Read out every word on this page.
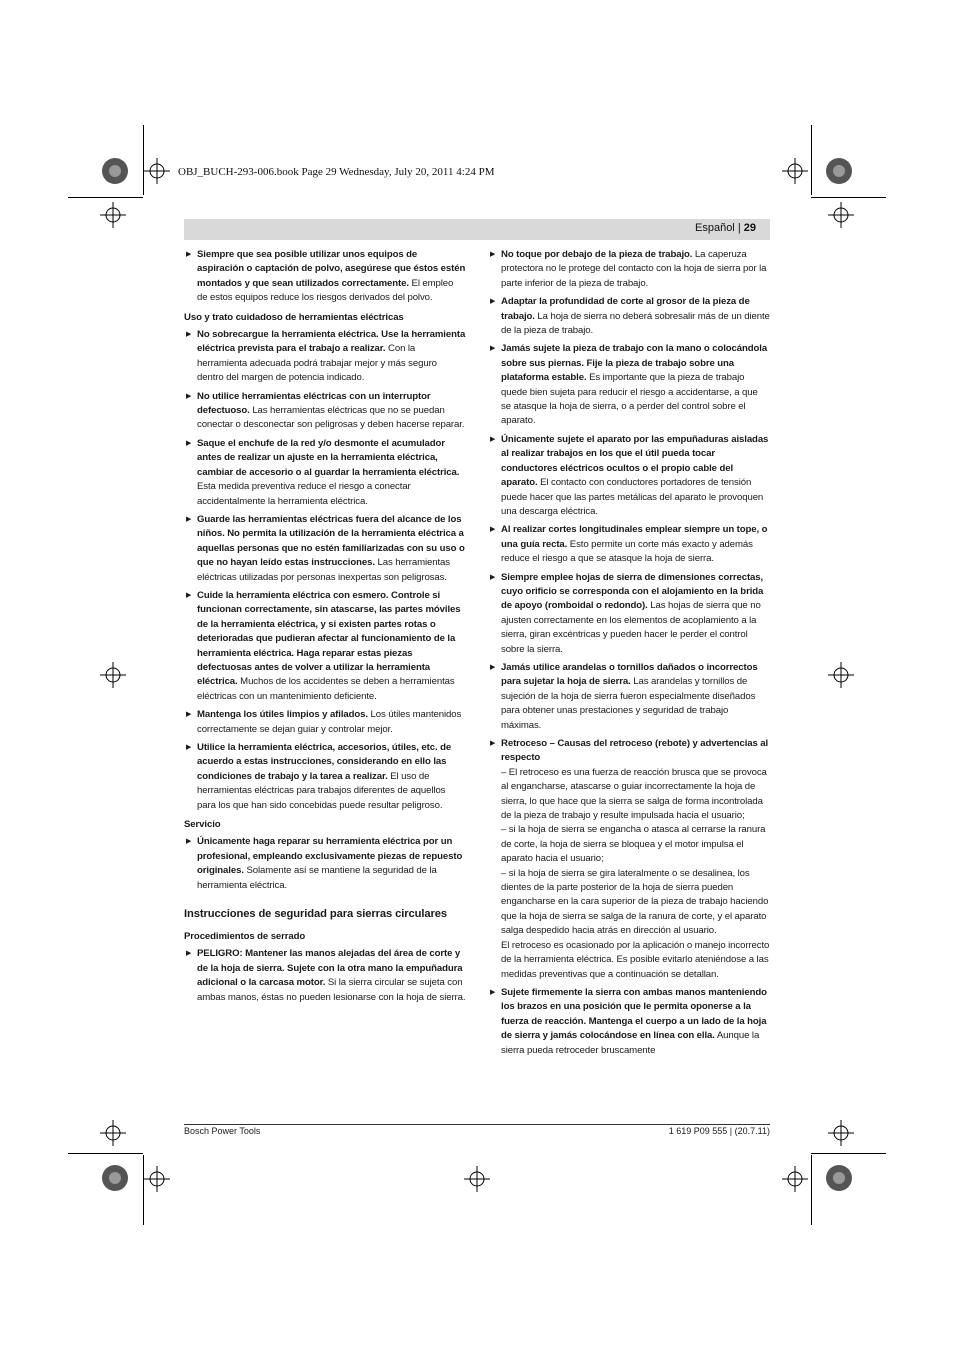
OBJ_BUCH-293-006.book Page 29 Wednesday, July 20, 2011 4:24 PM
Español | 29
▶ Siempre que sea posible utilizar unos equipos de aspiración o captación de polvo, asegúrese que éstos estén montados y que sean utilizados correctamente. El empleo de estos equipos reduce los riesgos derivados del polvo.

Uso y trato cuidadoso de herramientas eléctricas
▶ No sobrecargue la herramienta eléctrica. Use la herramienta eléctrica prevista para el trabajo a realizar. Con la herramienta adecuada podrá trabajar mejor y más seguro dentro del margen de potencia indicado.

▶ No utilice herramientas eléctricas con un interruptor defectuoso. Las herramientas eléctricas que no se puedan conectar o desconectar son peligrosas y deben hacerse reparar.

▶ Saque el enchufe de la red y/o desmonte el acumulador antes de realizar un ajuste en la herramienta eléctrica, cambiar de accesorio o al guardar la herramienta eléctrica. Esta medida preventiva reduce el riesgo a conectar accidentalmente la herramienta eléctrica.

▶ Guarde las herramientas eléctricas fuera del alcance de los niños. No permita la utilización de la herramienta eléctrica a aquellas personas que no estén familiarizadas con su uso o que no hayan leído estas instrucciones. Las herramientas eléctricas utilizadas por personas inexpertas son peligrosas.

▶ Cuide la herramienta eléctrica con esmero. Controle si funcionan correctamente, sin atascarse, las partes móviles de la herramienta eléctrica, y si existen partes rotas o deterioradas que pudieran afectar al funcionamiento de la herramienta eléctrica. Haga reparar estas piezas defectuosas antes de volver a utilizar la herramienta eléctrica. Muchos de los accidentes se deben a herramientas eléctricas con un mantenimiento deficiente.

▶ Mantenga los útiles limpios y afilados. Los útiles mantenidos correctamente se dejan guiar y controlar mejor.

▶ Utilice la herramienta eléctrica, accesorios, útiles, etc. de acuerdo a estas instrucciones, considerando en ello las condiciones de trabajo y la tarea a realizar. El uso de herramientas eléctricas para trabajos diferentes de aquellos para los que han sido concebidas puede resultar peligroso.

Servicio
▶ Únicamente haga reparar su herramienta eléctrica por un profesional, empleando exclusivamente piezas de repuesto originales. Solamente así se mantiene la seguridad de la herramienta eléctrica.

Instrucciones de seguridad para sierras circulares
Procedimientos de serrado
▶ PELIGRO: Mantener las manos alejadas del área de corte y de la hoja de sierra. Sujete con la otra mano la empuñadura adicional o la carcasa motor. Si la sierra circular se sujeta con ambas manos, éstas no pueden lesionarse con la hoja de sierra.

▶ No toque por debajo de la pieza de trabajo. La caperuza protectora no le protege del contacto con la hoja de sierra por la parte inferior de la pieza de trabajo.

▶ Adaptar la profundidad de corte al grosor de la pieza de trabajo. La hoja de sierra no deberá sobresalir más de un diente de la pieza de trabajo.

▶ Jamás sujete la pieza de trabajo con la mano o colocándola sobre sus piernas. Fije la pieza de trabajo sobre una plataforma estable. Es importante que la pieza de trabajo quede bien sujeta para reducir el riesgo a accidentarse, a que se atasque la hoja de sierra, o a perder del control sobre el aparato.

▶ Únicamente sujete el aparato por las empuñaduras aisladas al realizar trabajos en los que el útil pueda tocar conductores eléctricos ocultos o el propio cable del aparato. El contacto con conductores portadores de tensión puede hacer que las partes metálicas del aparato le provoquen una descarga eléctrica.

▶ Al realizar cortes longitudinales emplear siempre un tope, o una guía recta. Esto permite un corte más exacto y además reduce el riesgo a que se atasque la hoja de sierra.

▶ Siempre emplee hojas de sierra de dimensiones correctas, cuyo orificio se corresponda con el alojamiento en la brida de apoyo (romboidal o redondo). Las hojas de sierra que no ajusten correctamente en los elementos de acoplamiento a la sierra, giran excéntricas y pueden hacer le perder el control sobre la sierra.

▶ Jamás utilice arandelas o tornillos dañados o incorrectos para sujetar la hoja de sierra. Las arandelas y tornillos de sujeción de la hoja de sierra fueron especialmente diseñados para obtener unas prestaciones y seguridad de trabajo máximas.

▶ Retroceso – Causas del retroceso (rebote) y advertencias al respecto

– El retroceso es una fuerza de reacción brusca que se provoca al engancharse, atascarse o guiar incorrectamente la hoja de sierra, lo que hace que la sierra se salga de forma incontrolada de la pieza de trabajo y resulte impulsada hacia el usuario;

– si la hoja de sierra se engancha o atasca al cerrarse la ranura de corte, la hoja de sierra se bloquea y el motor impulsa el aparato hacia el usuario;

– si la hoja de sierra se gira lateralmente o se desalinea, los dientes de la parte posterior de la hoja de sierra pueden engancharse en la cara superior de la pieza de trabajo haciendo que la hoja de sierra se salga de la ranura de corte, y el aparato salga despedido hacia atrás en dirección al usuario.

El retroceso es ocasionado por la aplicación o manejo incorrecto de la herramienta eléctrica. Es posible evitarlo ateniéndose a las medidas preventivas que a continuación se detallan.

▶ Sujete firmemente la sierra con ambas manos manteniendo los brazos en una posición que le permita oponerse a la fuerza de reacción. Mantenga el cuerpo a un lado de la hoja de sierra y jamás colocándose en línea con ella. Aunque la sierra pueda retroceder bruscamente

Bosch Power Tools	1 619 P09 555 | (20.7.11)
